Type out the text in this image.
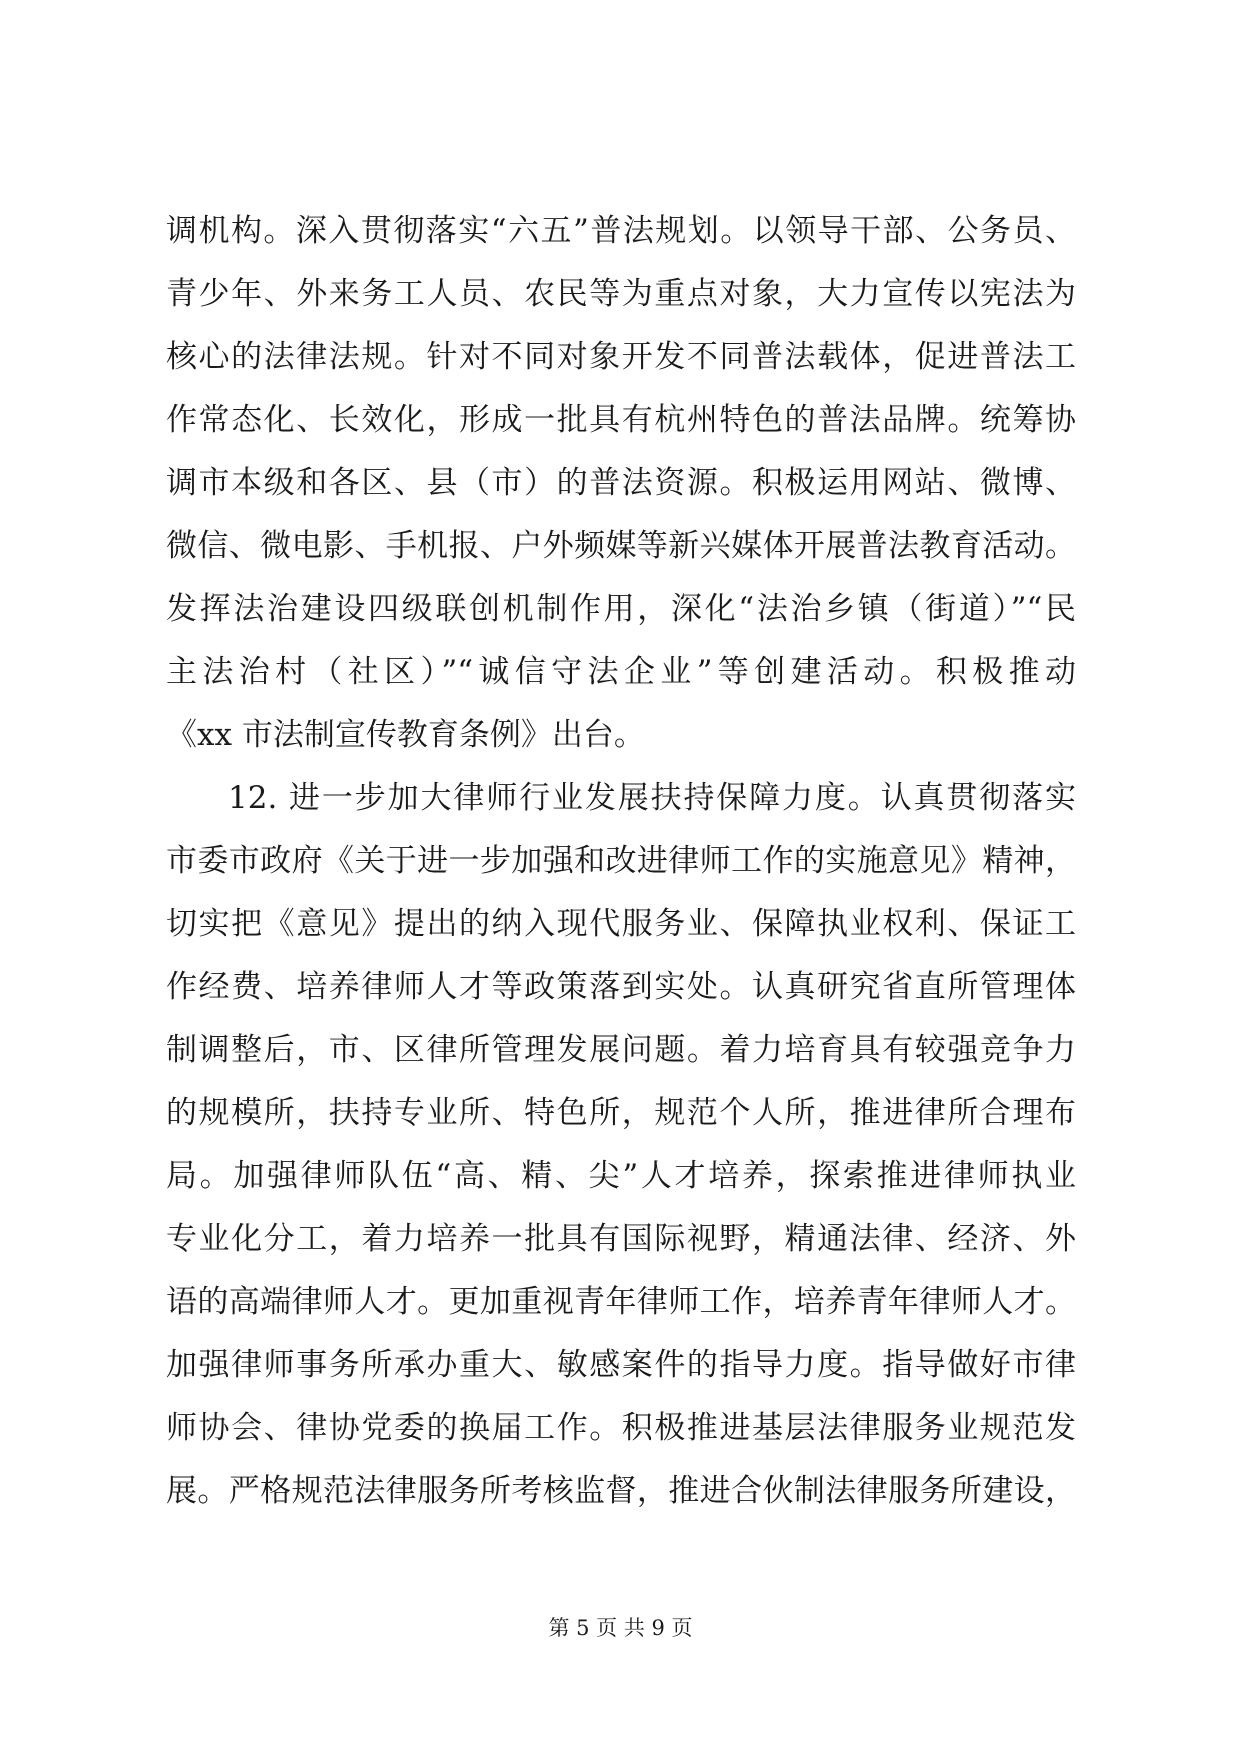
调机构。深入贯彻落实“六五”普法规划。以领导干部、公务员、
青少年、外来务工人员、农民等为重点对象，大力宣传以宪法为
核心的法律法规。针对不同对象开发不同普法载体，促进普法工
作常态化、长效化，形成一批具有杭州特色的普法品牌。统筹协
调市本级和各区、县（市）的普法资源。积极运用网站、微博、
微信、微电影、手机报、户外频媒等新兴媒体开展普法教育活动。
发挥法治建设四级联创机制作用，深化“法治乡镇（街道）”“民
主法治村（社区）”“诚信守法企业”等创建活动。积极推动
《xx 市法制宣传教育条例》出台。
12. 进一步加大律师行业发展扶持保障力度。认真贯彻落实
市委市政府《关于进一步加强和改进律师工作的实施意见》精神，
切实把《意见》提出的纳入现代服务业、保障执业权利、保证工
作经费、培养律师人才等政策落到实处。认真研究省直所管理体
制调整后，市、区律所管理发展问题。着力培育具有较强竞争力
的规模所，扶持专业所、特色所，规范个人所，推进律所合理布
局。加强律师队伍“高、精、尖”人才培养，探索推进律师执业
专业化分工，着力培养一批具有国际视野，精通法律、经济、外
语的高端律师人才。更加重视青年律师工作，培养青年律师人才。
加强律师事务所承办重大、敏感案件的指导力度。指导做好市律
师协会、律协党委的换届工作。积极推进基层法律服务业规范发
展。严格规范法律服务所考核监督，推进合伙制法律服务所建设，
第 5 页 共 9 页
